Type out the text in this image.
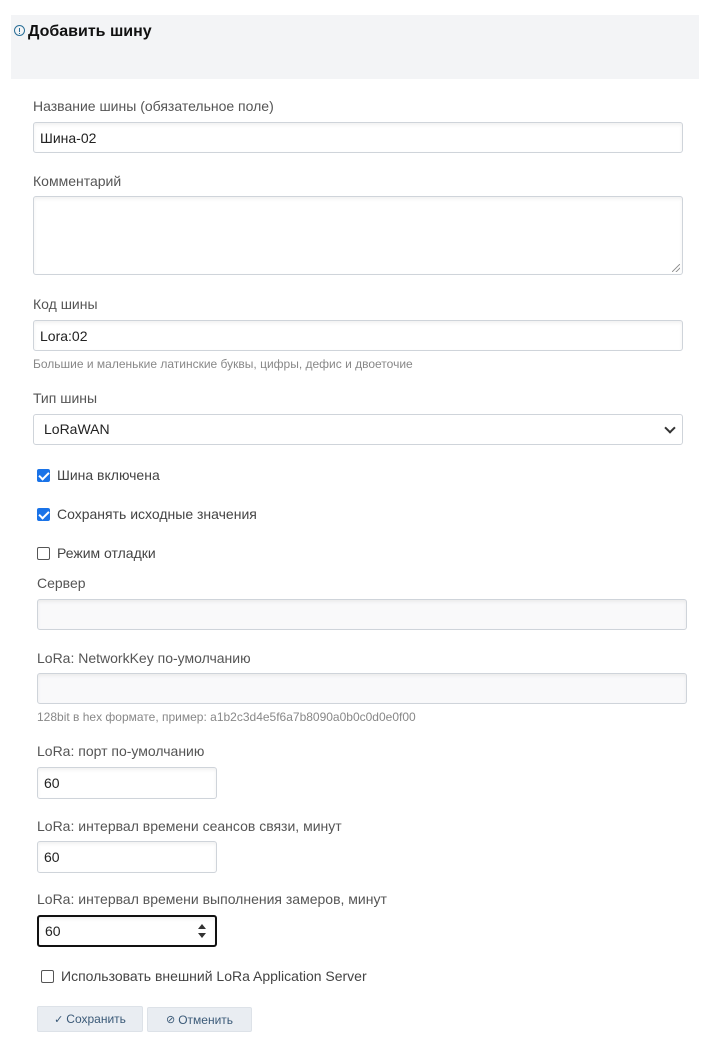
Добавить шину
Название шины (обязательное поле)
Шина-02
Комментарий
Код шины
Lora:02
Большие и маленькие латинские буквы, цифры, дефис и двоеточие
Тип шины
LoRaWAN
Шина включена
Сохранять исходные значения
Режим отладки
Сервер
LoRa: NetworkKey по-умолчанию
128bit в hex формате, пример: a1b2c3d4e5f6a7b8090a0b0c0d0e0f00
LoRa: порт по-умолчанию
60
LoRa: интервал времени сеансов связи, минут
60
LoRa: интервал времени выполнения замеров, минут
60
Использовать внешний LoRa Application Server
✓ Сохранить	⊘ Отменить
